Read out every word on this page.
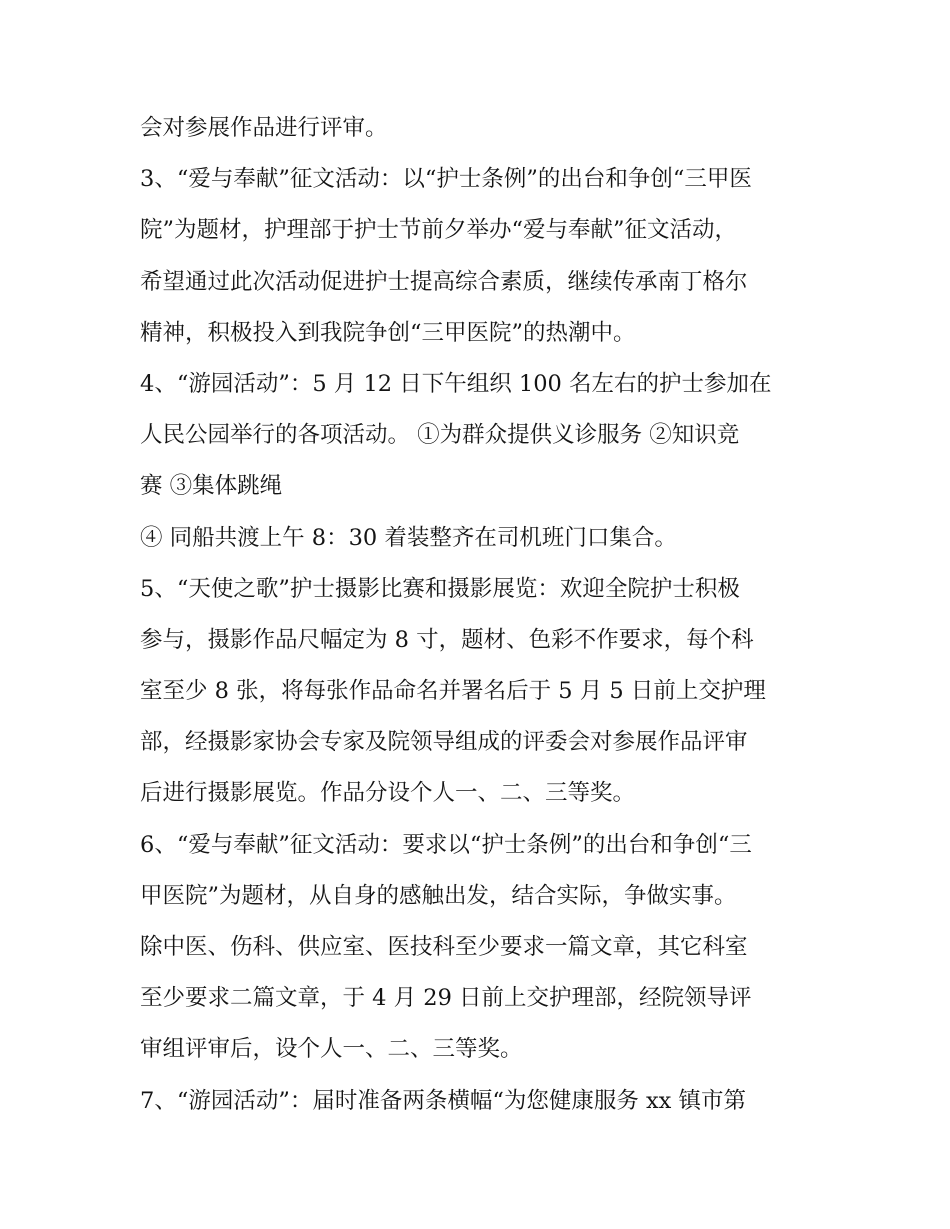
会对参展作品进行评审。
3、“爱与奉献”征文活动：以“护士条例”的出台和争创“三甲医
院”为题材，护理部于护士节前夕举办“爱与奉献”征文活动，
希望通过此次活动促进护士提高综合素质，继续传承南丁格尔
精神，积极投入到我院争创“三甲医院”的热潮中。
4、“游园活动”：5 月 12 日下午组织 100 名左右的护士参加在
人民公园举行的各项活动。 ①为群众提供义诊服务 ②知识竞
赛 ③集体跳绳
④ 同船共渡上午 8：30 着装整齐在司机班门口集合。
5、“天使之歌”护士摄影比赛和摄影展览：欢迎全院护士积极
参与，摄影作品尺幅定为 8 寸，题材、色彩不作要求，每个科
室至少 8 张，将每张作品命名并署名后于 5 月 5 日前上交护理
部，经摄影家协会专家及院领导组成的评委会对参展作品评审
后进行摄影展览。作品分设个人一、二、三等奖。
6、“爱与奉献”征文活动：要求以“护士条例”的出台和争创“三
甲医院”为题材，从自身的感触出发，结合实际，争做实事。
除中医、伤科、供应室、医技科至少要求一篇文章，其它科室
至少要求二篇文章，于 4 月 29 日前上交护理部，经院领导评
审组评审后，设个人一、二、三等奖。
7、“游园活动”：届时准备两条横幅“为您健康服务 xx 镇市第
